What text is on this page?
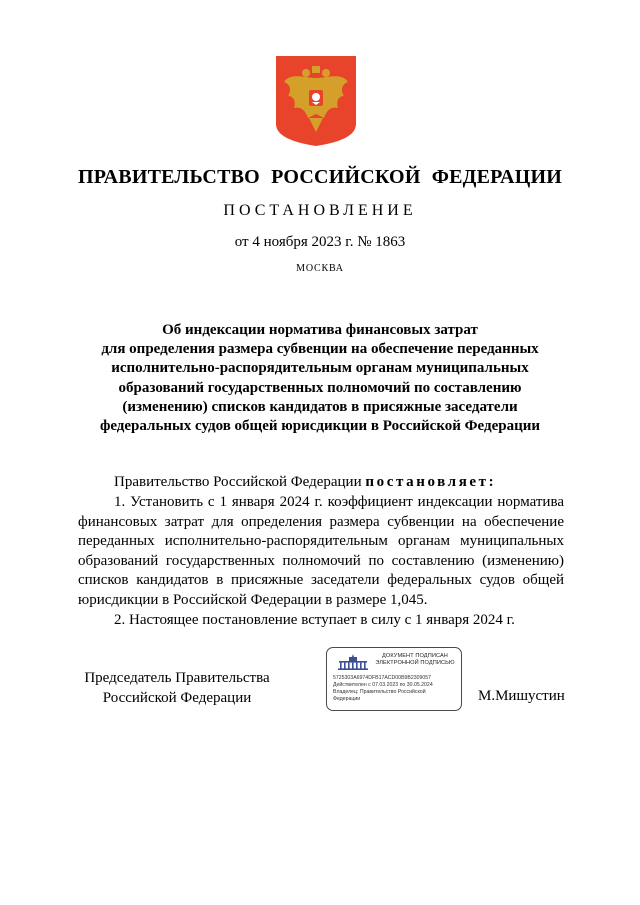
ПРАВИТЕЛЬСТВО РОССИЙСКОЙ ФЕДЕРАЦИИ
ПОСТАНОВЛЕНИЕ
от 4 ноября 2023 г. № 1863
МОСКВА
Об индексации норматива финансовых затрат
для определения размера субвенции на обеспечение переданных
исполнительно-распорядительным органам муниципальных
образований государственных полномочий по составлению
(изменению) списков кандидатов в присяжные заседатели
федеральных судов общей юрисдикции в Российской Федерации
Правительство Российской Федерации постановляет:
1. Установить с 1 января 2024 г. коэффициент индексации норматива финансовых затрат для определения размера субвенции на обеспечение переданных исполнительно-распорядительным органам муниципальных образований государственных полномочий по составлению (изменению) списков кандидатов в присяжные заседатели федеральных судов общей юрисдикции в Российской Федерации в размере 1,045.
2. Настоящее постановление вступает в силу с 1 января 2024 г.
Председатель Правительства
Российской Федерации
ДОКУМЕНТ ПОДПИСАН
ЭЛЕКТРОННОЙ ПОДПИСЬЮ
5725303A6974DFB17ACD00B9B2309057
Действителен с 07.03.2023 по 30.05.2024
Владелец: Правительство Российской
Федерации	М.Мишустин
